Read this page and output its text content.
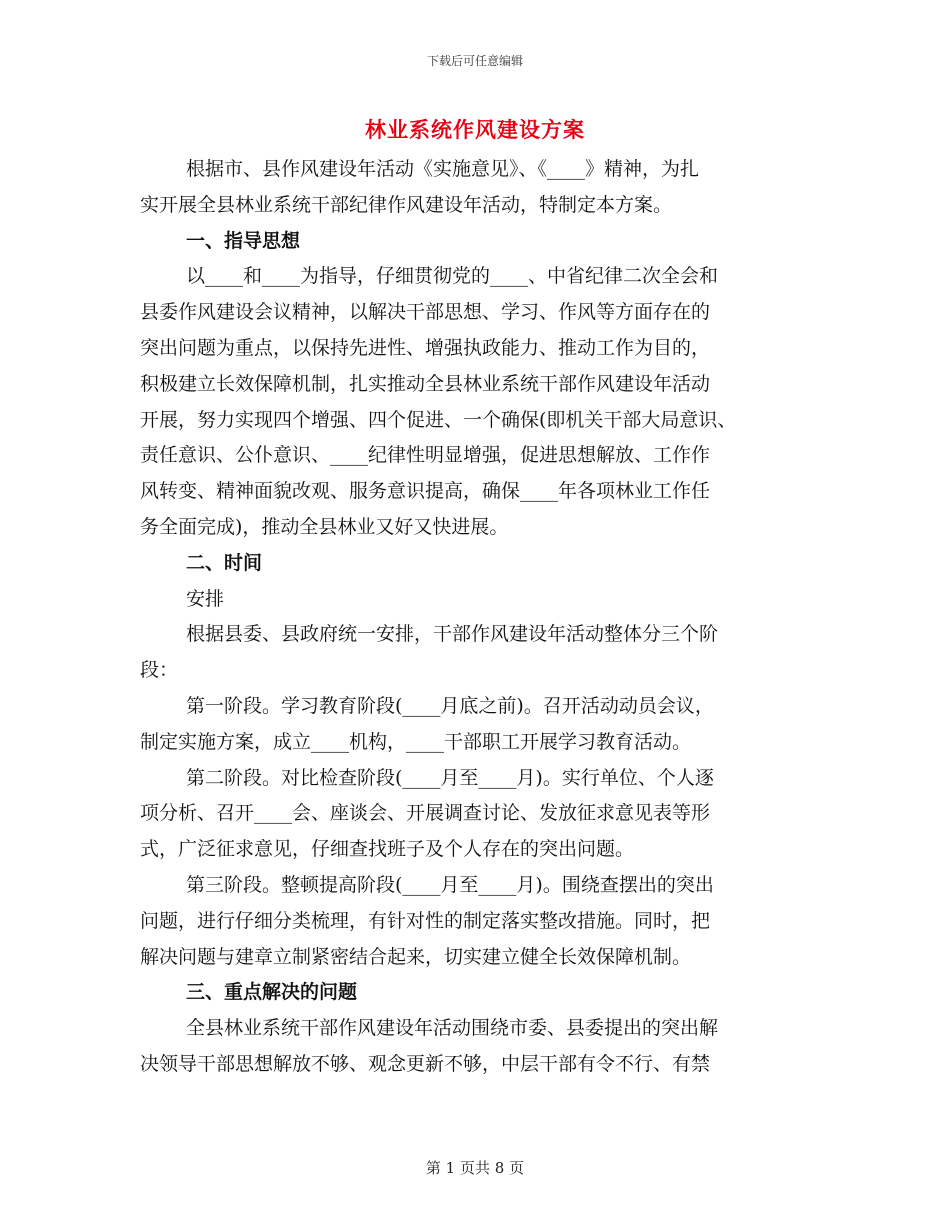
下载后可任意编辑
林业系统作风建设方案
根据市、县作风建设年活动《实施意见》、《____》精神，为扎
实开展全县林业系统干部纪律作风建设年活动，特制定本方案。
一、指导思想
以____和____为指导，仔细贯彻党的____、中省纪律二次全会和
县委作风建设会议精神，以解决干部思想、学习、作风等方面存在的
突出问题为重点，以保持先进性、增强执政能力、推动工作为目的，
积极建立长效保障机制，扎实推动全县林业系统干部作风建设年活动
开展，努力实现四个增强、四个促进、一个确保(即机关干部大局意识、
责任意识、公仆意识、____纪律性明显增强，促进思想解放、工作作
风转变、精神面貌改观、服务意识提高，确保____年各项林业工作任
务全面完成)，推动全县林业又好又快进展。
二、时间
安排
根据县委、县政府统一安排，干部作风建设年活动整体分三个阶
段：
第一阶段。学习教育阶段(____月底之前)。召开活动动员会议，
制定实施方案，成立____机构，____干部职工开展学习教育活动。
第二阶段。对比检查阶段(____月至____月)。实行单位、个人逐
项分析、召开____会、座谈会、开展调查讨论、发放征求意见表等形
式，广泛征求意见，仔细查找班子及个人存在的突出问题。
第三阶段。整顿提高阶段(____月至____月)。围绕查摆出的突出
问题，进行仔细分类梳理，有针对性的制定落实整改措施。同时，把
解决问题与建章立制紧密结合起来，切实建立健全长效保障机制。
三、重点解决的问题
全县林业系统干部作风建设年活动围绕市委、县委提出的突出解
决领导干部思想解放不够、观念更新不够，中层干部有令不行、有禁
第 1 页共 8 页
